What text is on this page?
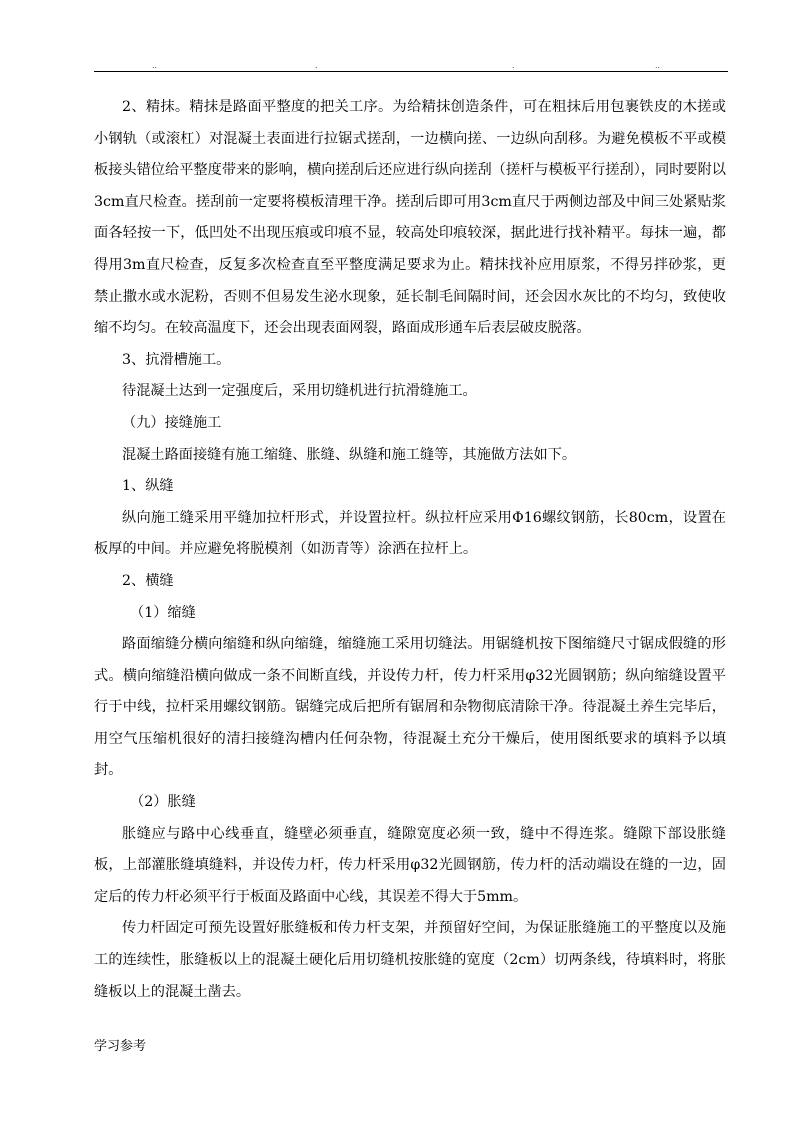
..	.	.	..

2、精抹。精抹是路面平整度的把关工序。为给精抹创造条件，可在粗抹后用包裹铁皮的木搓或小钢轨（或滚杠）对混凝土表面进行拉锯式搓刮，一边横向搓、一边纵向刮移。为避免模板不平或模板接头错位给平整度带来的影响，横向搓刮后还应进行纵向搓刮（搓杆与模板平行搓刮），同时要附以3cm直尺检查。搓刮前一定要将模板清理干净。搓刮后即可用3cm直尺于两侧边部及中间三处紧贴浆面各轻按一下，低凹处不出现压痕或印痕不显，较高处印痕较深，据此进行找补精平。每抹一遍，都得用3m直尺检查，反复多次检查直至平整度满足要求为止。精抹找补应用原浆，不得另拌砂浆，更禁止撒水或水泥粉，否则不但易发生泌水现象，延长制毛间隔时间，还会因水灰比的不均匀，致使收缩不均匀。在较高温度下，还会出现表面网裂，路面成形通车后表层破皮脱落。

3、抗滑槽施工。

待混凝土达到一定强度后，采用切缝机进行抗滑缝施工。

（九）接缝施工

混凝土路面接缝有施工缩缝、胀缝、纵缝和施工缝等，其施做方法如下。

1、纵缝

纵向施工缝采用平缝加拉杆形式，并设置拉杆。纵拉杆应采用Φ16螺纹钢筋，长80cm，设置在板厚的中间。并应避免将脱模剂（如沥青等）涂洒在拉杆上。

2、横缝

（1）缩缝

路面缩缝分横向缩缝和纵向缩缝，缩缝施工采用切缝法。用锯缝机按下图缩缝尺寸锯成假缝的形式。横向缩缝沿横向做成一条不间断直线，并设传力杆，传力杆采用φ32光圆钢筋；纵向缩缝设置平行于中线，拉杆采用螺纹钢筋。锯缝完成后把所有锯屑和杂物彻底清除干净。待混凝土养生完毕后，用空气压缩机很好的清扫接缝沟槽内任何杂物，待混凝土充分干燥后，使用图纸要求的填料予以填封。

（2）胀缝

胀缝应与路中心线垂直，缝壁必须垂直，缝隙宽度必须一致，缝中不得连浆。缝隙下部设胀缝板，上部灌胀缝填缝料，并设传力杆，传力杆采用φ32光圆钢筋，传力杆的活动端设在缝的一边，固定后的传力杆必须平行于板面及路面中心线，其误差不得大于5mm。

传力杆固定可预先设置好胀缝板和传力杆支架，并预留好空间，为保证胀缝施工的平整度以及施工的连续性，胀缝板以上的混凝土硬化后用切缝机按胀缝的宽度（2cm）切两条线，待填料时，将胀缝板以上的混凝土凿去。

学习参考
